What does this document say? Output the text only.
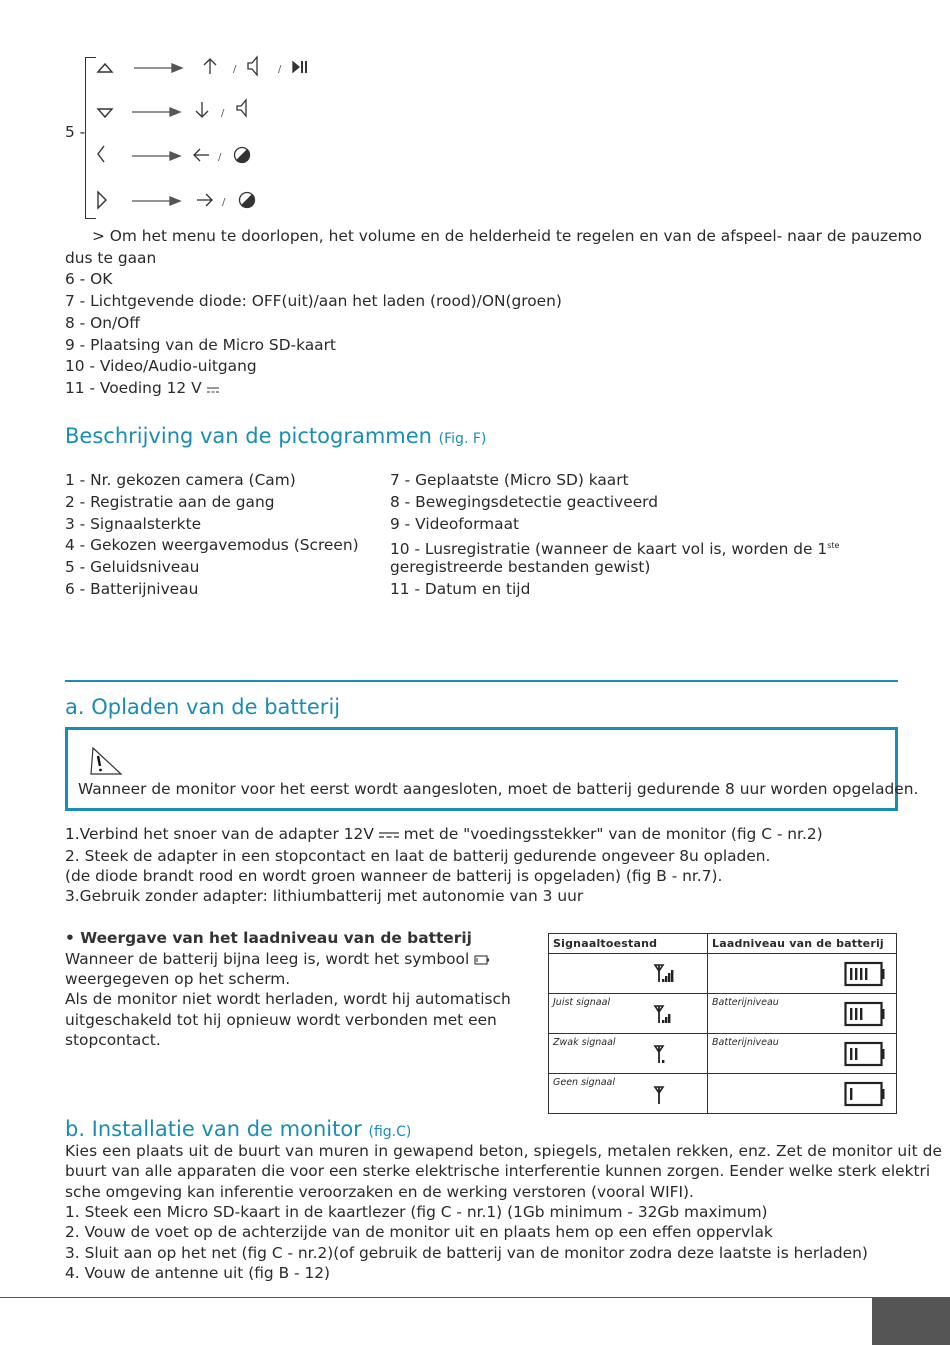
5 -
/	/
/
/
/
> Om het menu te doorlopen, het volume en de helderheid te regelen en van de afspeel- naar de pauzemo
dus te gaan
6 - OK
7 - Lichtgevende diode: OFF(uit)/aan het laden (rood)/ON(groen)
8 - On/Off
9 - Plaatsing van de Micro SD-kaart
10 - Video/Audio-uitgang
11 - Voeding 12 V
Beschrijving van de pictogrammen (Fig. F)
1 - Nr. gekozen camera (Cam)
2 - Registratie aan de gang
3 - Signaalsterkte
4 - Gekozen weergavemodus (Screen)
5 - Geluidsniveau
6 - Batterijniveau
7 - Geplaatste (Micro SD) kaart
8 - Bewegingsdetectie geactiveerd
9 - Videoformaat
10 - Lusregistratie (wanneer de kaart vol is, worden de 1ste
geregistreerde bestanden gewist)
11 - Datum en tijd
a. Opladen van de batterij
Wanneer de monitor voor het eerst wordt aangesloten, moet de batterij gedurende 8 uur worden opgeladen.
1.Verbind het snoer van de adapter 12V  met de "voedingsstekker" van de monitor (fig C - nr.2)
2. Steek de adapter in een stopcontact en laat de batterij gedurende ongeveer 8u opladen.
(de diode brandt rood en wordt groen wanneer de batterij is opgeladen) (fig B - nr.7).
3.Gebruik zonder adapter: lithiumbatterij met autonomie van 3 uur
• Weergave van het laadniveau van de batterij
Wanneer de batterij bijna leeg is, wordt het symbool
weergegeven op het scherm.
Als de monitor niet wordt herladen, wordt hij automatisch
uitgeschakeld tot hij opnieuw wordt verbonden met een
stopcontact.
Signaaltoestand	Laadniveau van de batterij

Juist signaal	Batterijniveau

Zwak signaal	Batterijniveau

Geen signaal

b. Installatie van de monitor (fig.C)
Kies een plaats uit de buurt van muren in gewapend beton, spiegels, metalen rekken, enz. Zet de monitor uit de
buurt van alle apparaten die voor een sterke elektrische interferentie kunnen zorgen. Eender welke sterk elektri
sche omgeving kan inferentie veroorzaken en de werking verstoren (vooral WIFI).
1. Steek een Micro SD-kaart in de kaartlezer (fig C - nr.1) (1Gb minimum - 32Gb maximum)
2. Vouw de voet op de achterzijde van de monitor uit en plaats hem op een effen oppervlak
3. Sluit aan op het net (fig C - nr.2)(of gebruik de batterij van de monitor zodra deze laatste is herladen)
4. Vouw de antenne uit (fig B - 12)
